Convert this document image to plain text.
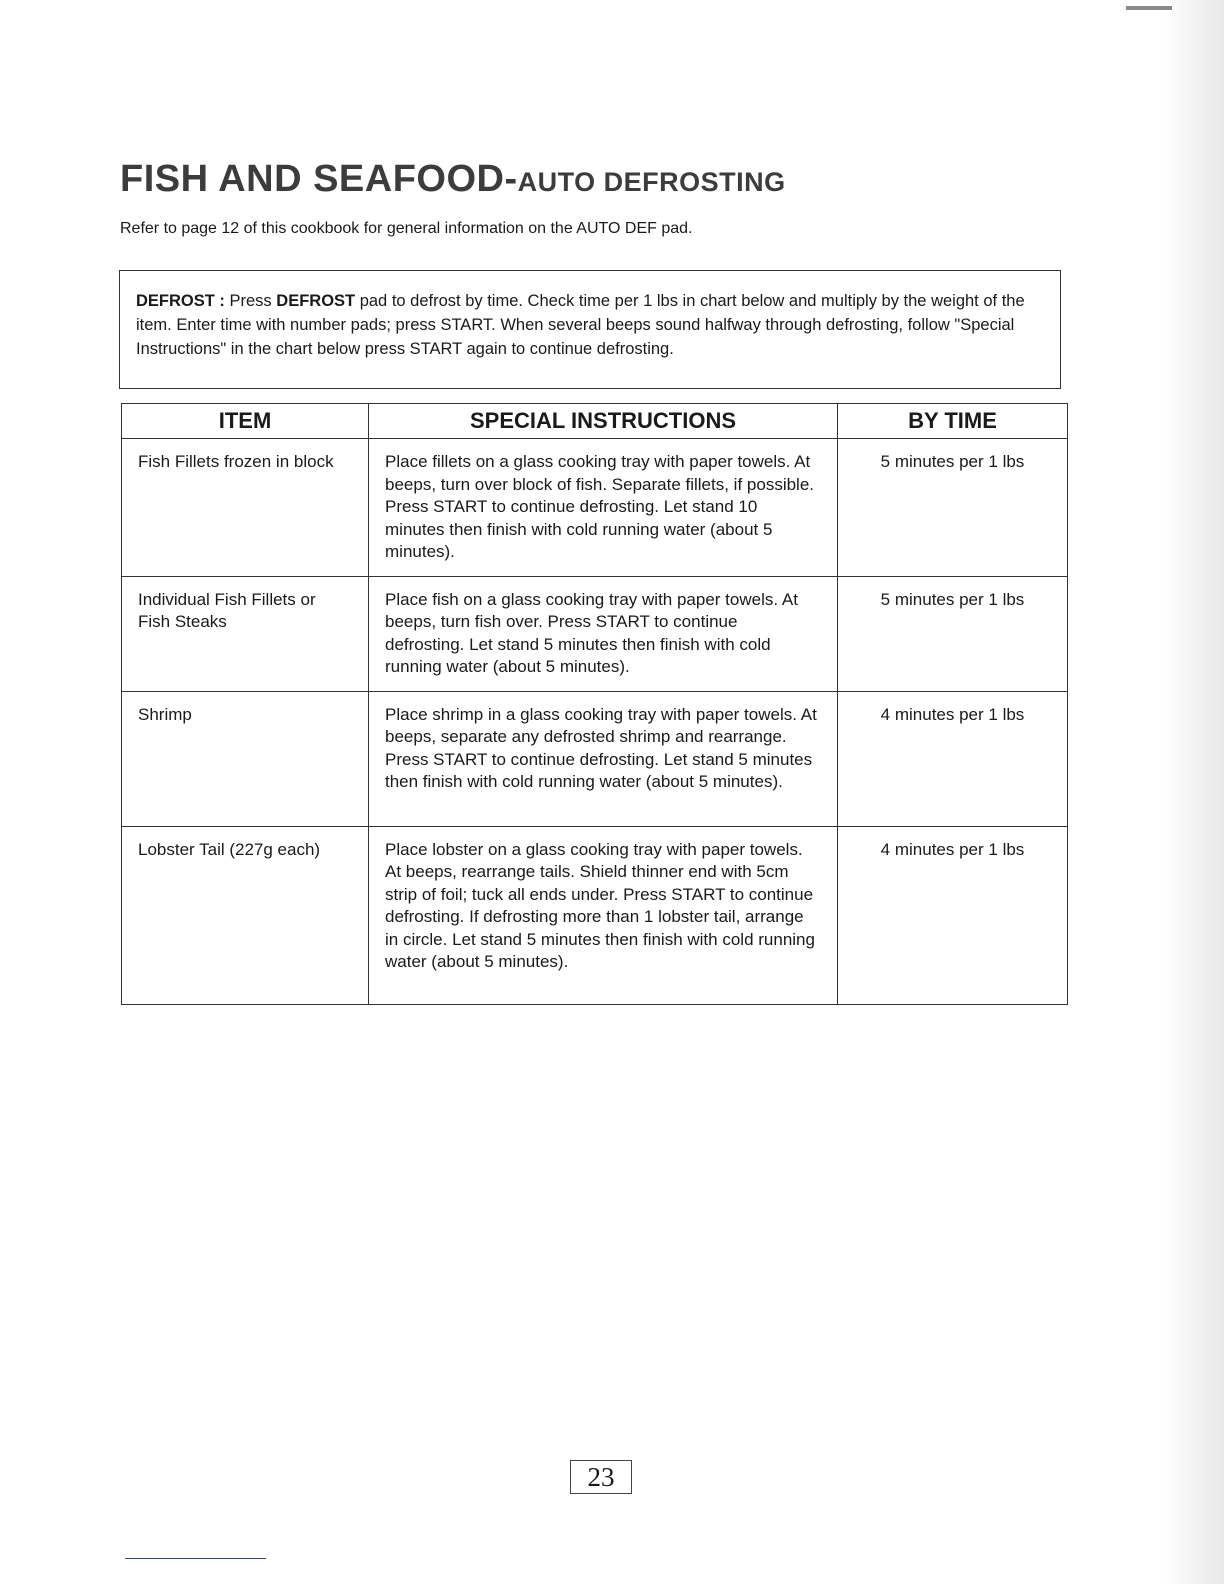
FISH AND SEAFOOD-AUTO DEFROSTING

Refer to page 12 of this cookbook for general information on the AUTO DEF pad.

DEFROST : Press DEFROST pad to defrost by time. Check time per 1 lbs in chart below and multiply by the weight of the item. Enter time with number pads; press START. When several beeps sound halfway through defrosting, follow "Special Instructions" in the chart below press START again to continue defrosting.
ITEM	SPECIAL INSTRUCTIONS	BY TIME
Fish Fillets frozen in block	Place fillets on a glass cooking tray with paper towels. At beeps, turn over block of fish. Separate fillets, if possible. Press START to continue defrosting. Let stand 10 minutes then finish with cold running water (about 5 minutes).	5 minutes per 1 lbs
Individual Fish Fillets or Fish Steaks	Place fish on a glass cooking tray with paper towels. At beeps, turn fish over. Press START to continue defrosting. Let stand 5 minutes then finish with cold running water (about 5 minutes).	5 minutes per 1 lbs
Shrimp	Place shrimp in a glass cooking tray with paper towels. At beeps, separate any defrosted shrimp and rearrange. Press START to continue defrosting. Let stand 5 minutes then finish with cold running water (about 5 minutes).	4 minutes per 1 lbs
Lobster Tail (227g each)	Place lobster on a glass cooking tray with paper towels. At beeps, rearrange tails. Shield thinner end with 5cm strip of foil; tuck all ends under. Press START to continue defrosting. If defrosting more than 1 lobster tail, arrange in circle. Let stand 5 minutes then finish with cold running water (about 5 minutes).	4 minutes per 1 lbs
23
